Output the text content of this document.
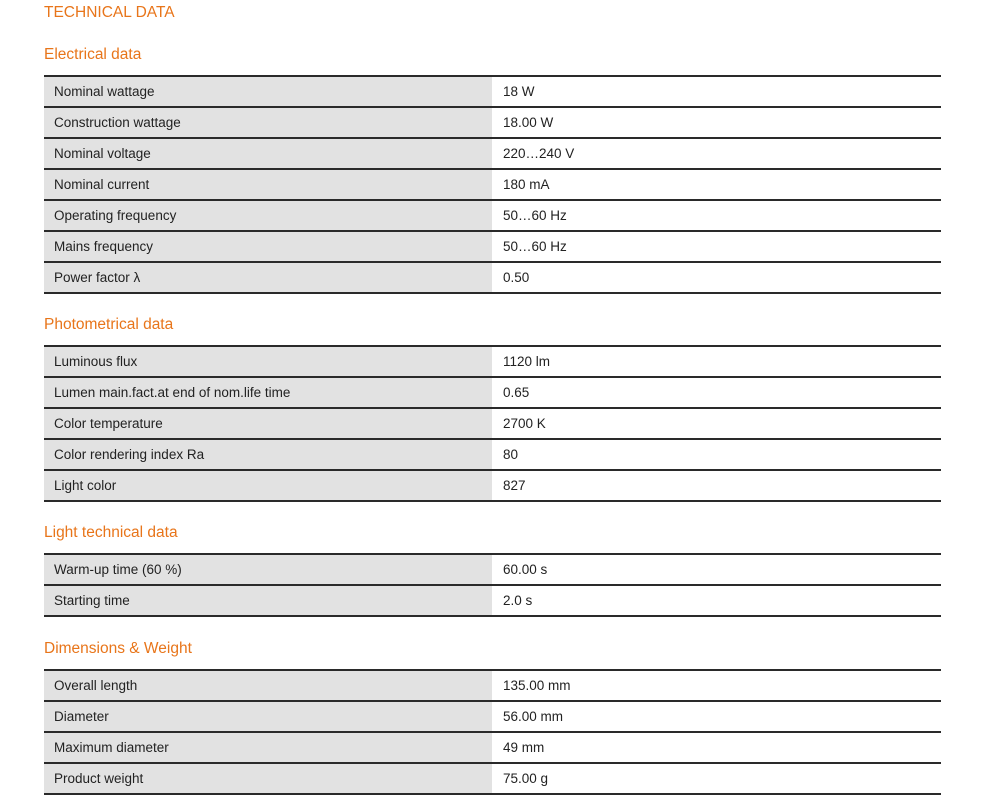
TECHNICAL DATA
Electrical data
Nominal wattage	18 W
Construction wattage	18.00 W
Nominal voltage	220…240 V
Nominal current	180 mA
Operating frequency	50…60 Hz
Mains frequency	50…60 Hz
Power factor λ	0.50
Photometrical data
Luminous flux	1120 lm
Lumen main.fact.at end of nom.life time	0.65
Color temperature	2700 K
Color rendering index Ra	80
Light color	827
Light technical data
Warm-up time (60 %)	60.00 s
Starting time	2.0 s
Dimensions & Weight
Overall length	135.00 mm
Diameter	56.00 mm
Maximum diameter	49 mm
Product weight	75.00 g
